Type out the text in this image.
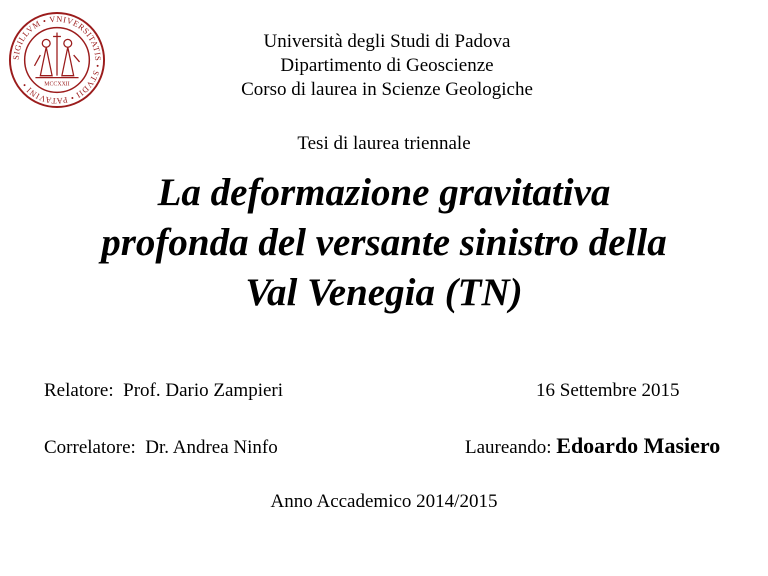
SIGILLVM • VNIVERSITATIS • STVDII • PATAVINI •	MCCXXII
Università degli Studi di Padova
Dipartimento di Geoscienze
Corso di laurea in Scienze Geologiche
Tesi di laurea triennale
La deformazione gravitativa
profonda del versante sinistro della
Val Venegia (TN)
Relatore: Prof. Dario Zampieri	16 Settembre 2015
Correlatore: Dr. Andrea Ninfo	Laureando: Edoardo Masiero
Anno Accademico 2014/2015
